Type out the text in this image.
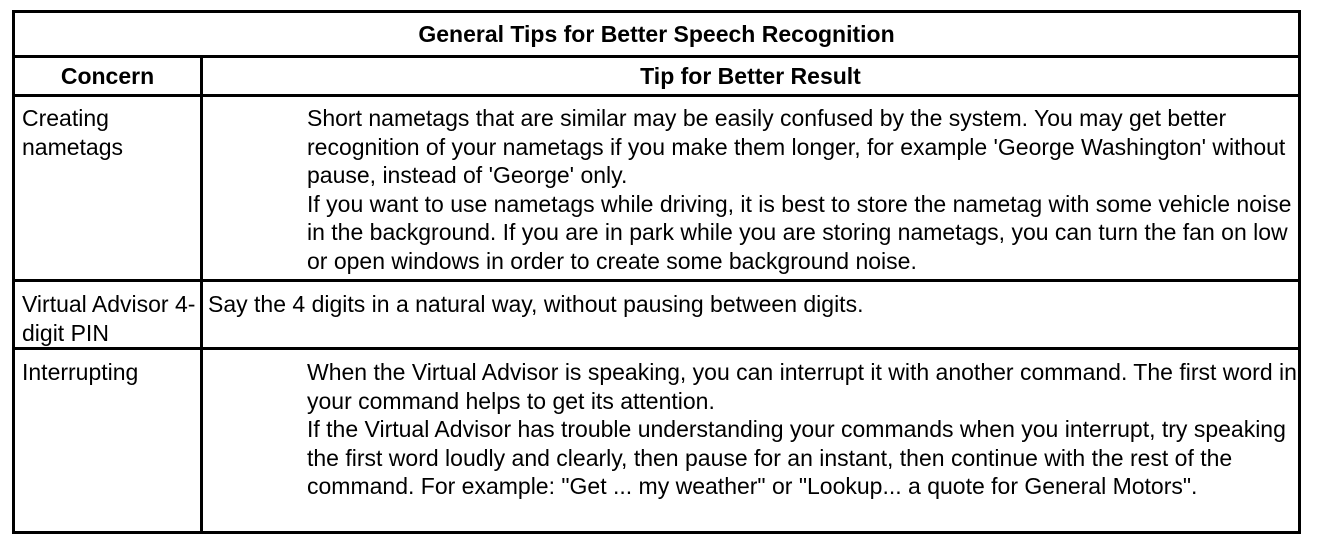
General Tips for Better Speech Recognition
Concern	Tip for Better Result
Creating nametags

Short nametags that are similar may be easily confused by the system. You may get better recognition of your nametags if you make them longer, for example 'George Washington' without pause, instead of 'George' only.

If you want to use nametags while driving, it is best to store the nametag with some vehicle noise in the background. If you are in park while you are storing nametags, you can turn the fan on low or open windows in order to create some background noise.

Virtual Advisor 4-digit PIN

Say the 4 digits in a natural way, without pausing between digits.

Interrupting	When the Virtual Advisor is speaking, you can interrupt it with another command. The first word in your command helps to get its attention.

If the Virtual Advisor has trouble understanding your commands when you interrupt, try speaking the first word loudly and clearly, then pause for an instant, then continue with the rest of the command. For example: "Get ... my weather" or "Lookup... a quote for General Motors".
